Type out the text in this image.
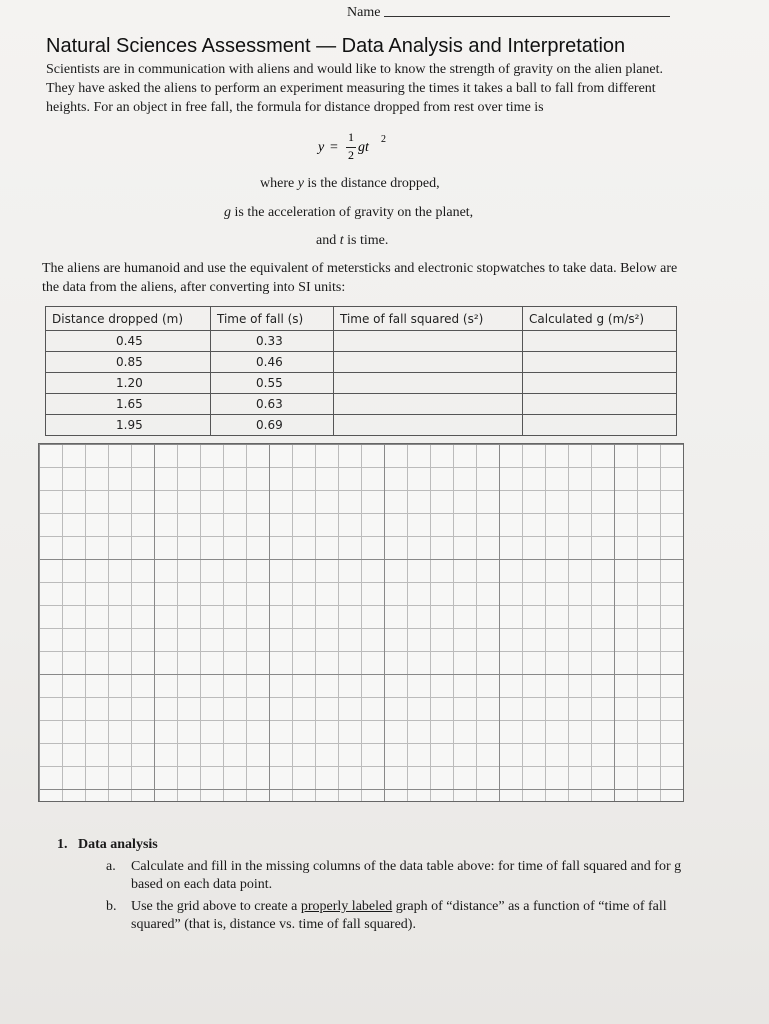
Name
Natural Sciences Assessment — Data Analysis and Interpretation
Scientists are in communication with aliens and would like to know the strength of gravity on the alien planet. They have asked the aliens to perform an experiment measuring the times it takes a ball to fall from different heights. For an object in free fall, the formula for distance dropped from rest over time is
y =
1
2 gt
2
where y is the distance dropped,
g is the acceleration of gravity on the planet,
and t is time.
The aliens are humanoid and use the equivalent of metersticks and electronic stopwatches to take data. Below are the data from the aliens, after converting into SI units:
Distance dropped (m)	Time of fall (s)	Time of fall squared (s²)	Calculated g (m/s²)
0.45	0.33		
0.85	0.46		
1.20	0.55		
1.65	0.63		
1.95	0.69		
1. Data analysis
a. Calculate and fill in the missing columns of the data table above: for time of fall squared and for g based on each data point.
b. Use the grid above to create a properly labeled graph of “distance” as a function of “time of fall squared” (that is, distance vs. time of fall squared).
